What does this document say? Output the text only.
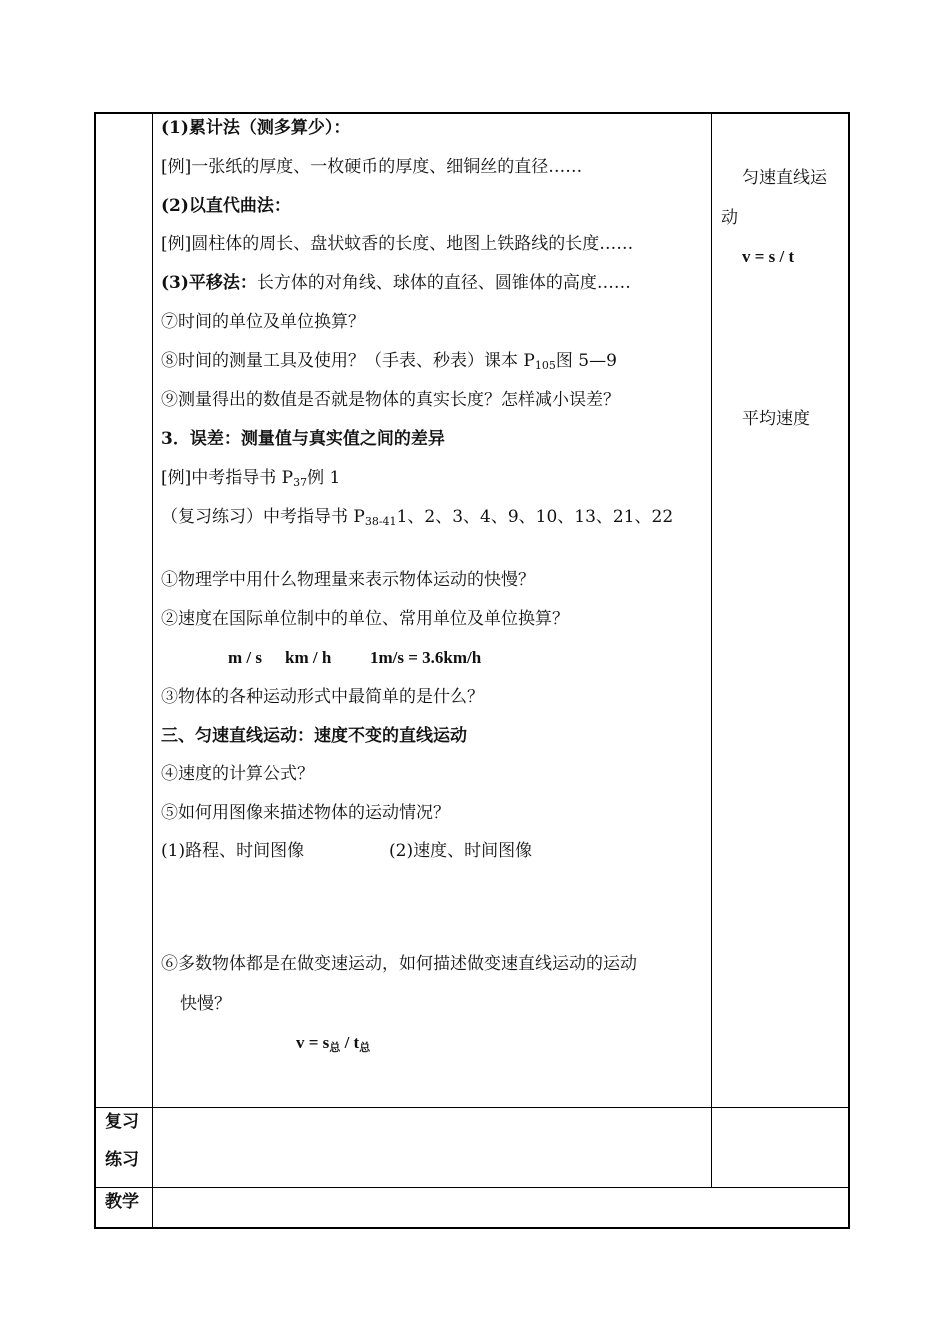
(1)累计法（测多算少）：
[例]一张纸的厚度、一枚硬币的厚度、细铜丝的直径……
(2)以直代曲法：
[例]圆柱体的周长、盘状蚊香的长度、地图上铁路线的长度……
(3)平移法：长方体的对角线、球体的直径、圆锥体的高度……
⑦时间的单位及单位换算？
⑧时间的测量工具及使用？（手表、秒表）课本 $P_{105}$图 5—9
⑨测量得出的数值是否就是物体的真实长度？怎样减小误差？
3．误差：测量值与真实值之间的差异
[例]中考指导书 $P_{37}$例 1
（复习练习）中考指导书 $P_{38-41}1$、2、3、4、9、10、13、21、22
①物理学中用什么物理量来表示物体运动的快慢？
②速度在国际单位制中的单位、常用单位及单位换算？
m / s km / h 1m/s = 3.6km/h
③物体的各种运动形式中最简单的是什么？
三、匀速直线运动：速度不变的直线运动
④速度的计算公式？
⑤如何用图像来描述物体的运动情况？
(1)路程、时间图像	(2)速度、时间图像
⑥多数物体都是在做变速运动，如何描述做变速直线运动的运动
快慢？
$v = s_总 / t_总$
匀速直线运
动
v = s / t
平均速度
复习
练习
教学
